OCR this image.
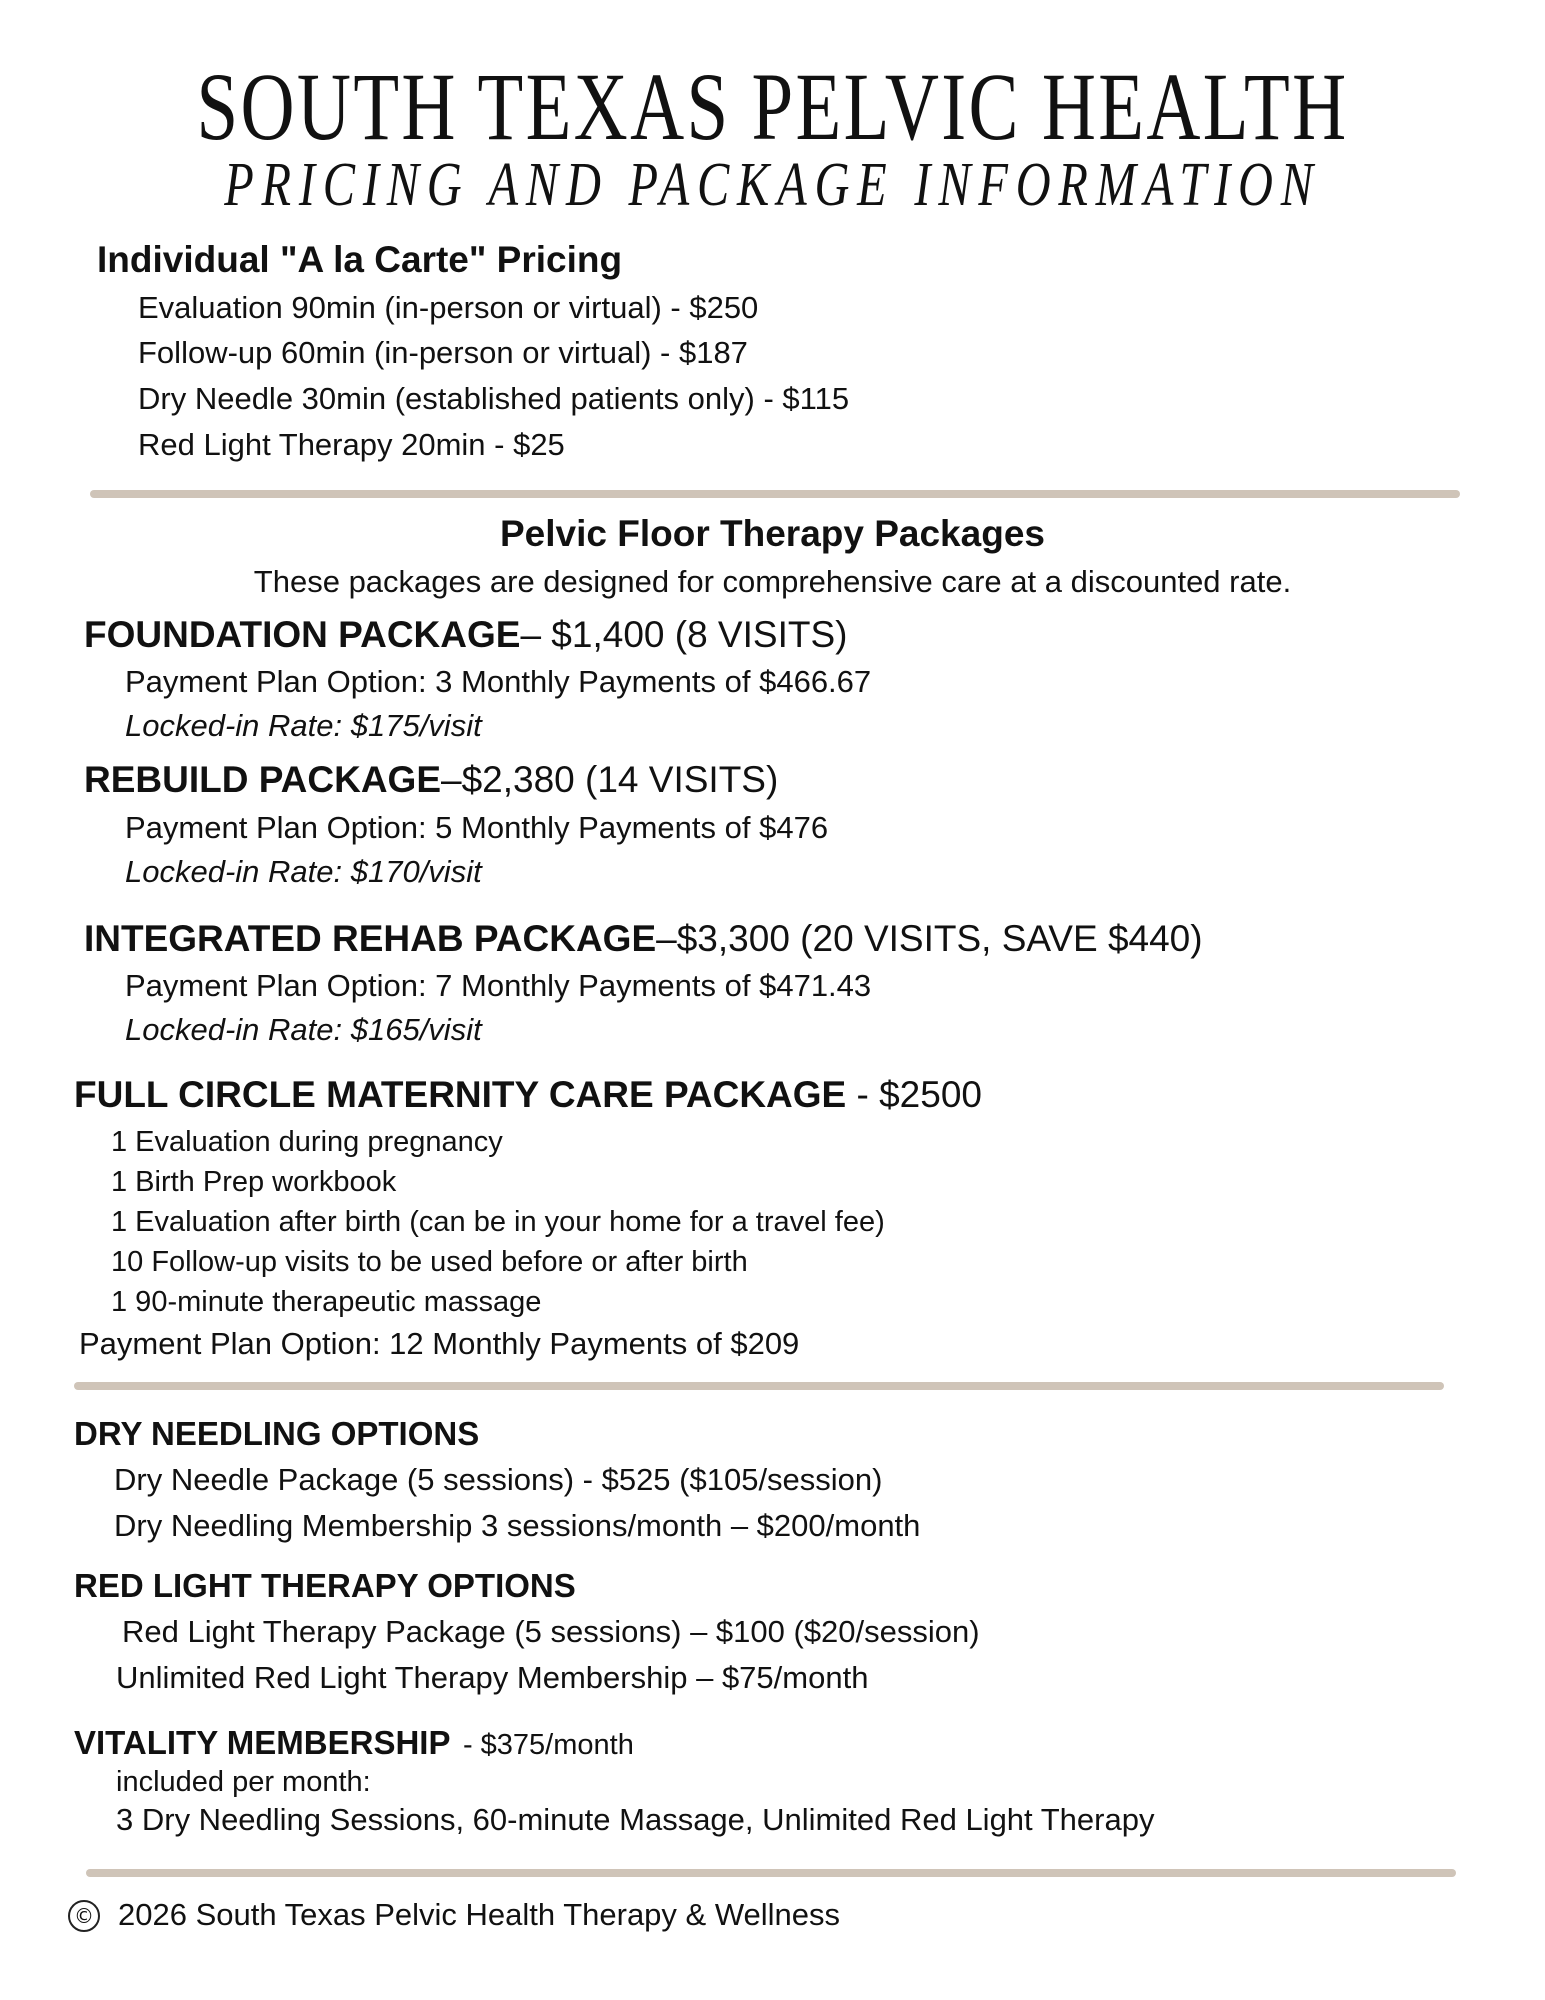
SOUTH TEXAS PELVIC HEALTH
PRICING AND PACKAGE INFORMATION
Individual "A la Carte" Pricing
Evaluation 90min (in-person or virtual) - $250
Follow-up 60min (in-person or virtual) - $187
Dry Needle 30min (established patients only) - $115
Red Light Therapy 20min - $25
Pelvic Floor Therapy Packages
These packages are designed for comprehensive care at a discounted rate.
FOUNDATION PACKAGE– $1,400 (8 VISITS)
Payment Plan Option: 3 Monthly Payments of $466.67
Locked-in Rate: $175/visit
REBUILD PACKAGE–$2,380 (14 VISITS)
Payment Plan Option: 5 Monthly Payments of $476
Locked-in Rate: $170/visit
INTEGRATED REHAB PACKAGE–$3,300 (20 VISITS, SAVE $440)
Payment Plan Option: 7 Monthly Payments of $471.43
Locked-in Rate: $165/visit
FULL CIRCLE MATERNITY CARE PACKAGE - $2500
1 Evaluation during pregnancy
1 Birth Prep workbook
1 Evaluation after birth (can be in your home for a travel fee)
10 Follow-up visits to be used before or after birth
1 90-minute therapeutic massage
Payment Plan Option: 12 Monthly Payments of $209
DRY NEEDLING OPTIONS
Dry Needle Package (5 sessions) - $525 ($105/session)
Dry Needling Membership 3 sessions/month – $200/month
RED LIGHT THERAPY OPTIONS
Red Light Therapy Package (5 sessions) – $100 ($20/session)
Unlimited Red Light Therapy Membership – $75/month
VITALITY MEMBERSHIP - $375/month
included per month:
3 Dry Needling Sessions, 60-minute Massage, Unlimited Red Light Therapy
© 2026 South Texas Pelvic Health Therapy & Wellness
